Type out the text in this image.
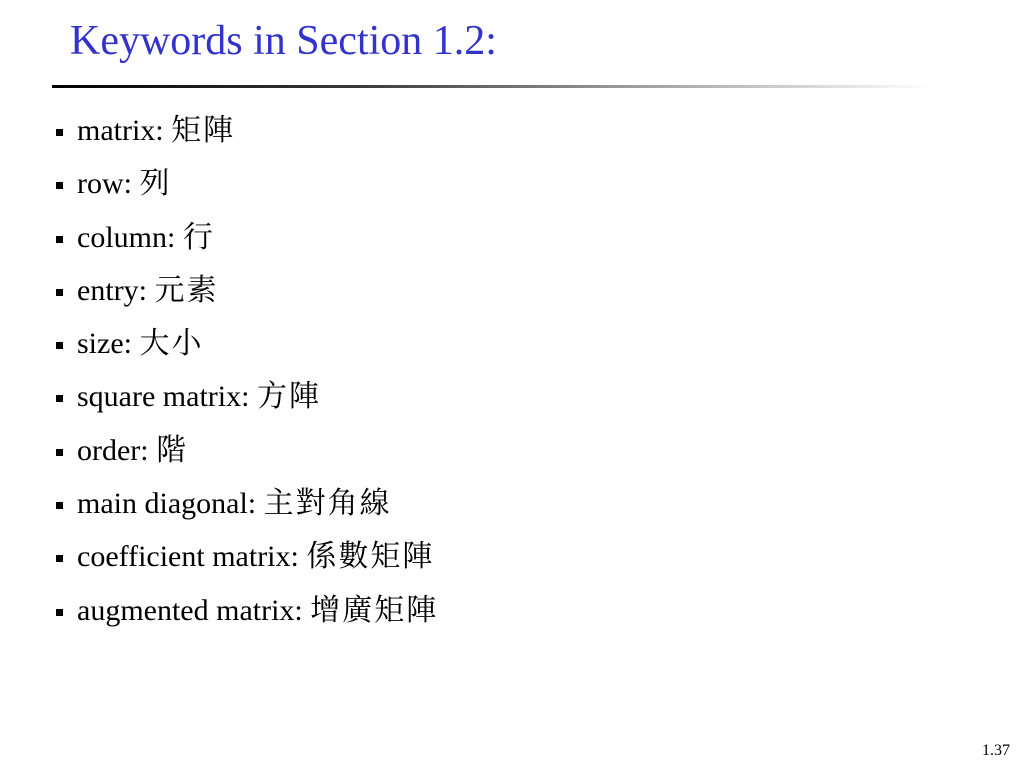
Keywords in Section 1.2:
matrix:
矩陣
row:
列
column:
行
entry:
元素
size:
大小
square matrix:
方陣
order:
階
main diagonal:
主對角線
coefficient matrix:
係數矩陣
augmented matrix:
增廣矩陣
1.37
